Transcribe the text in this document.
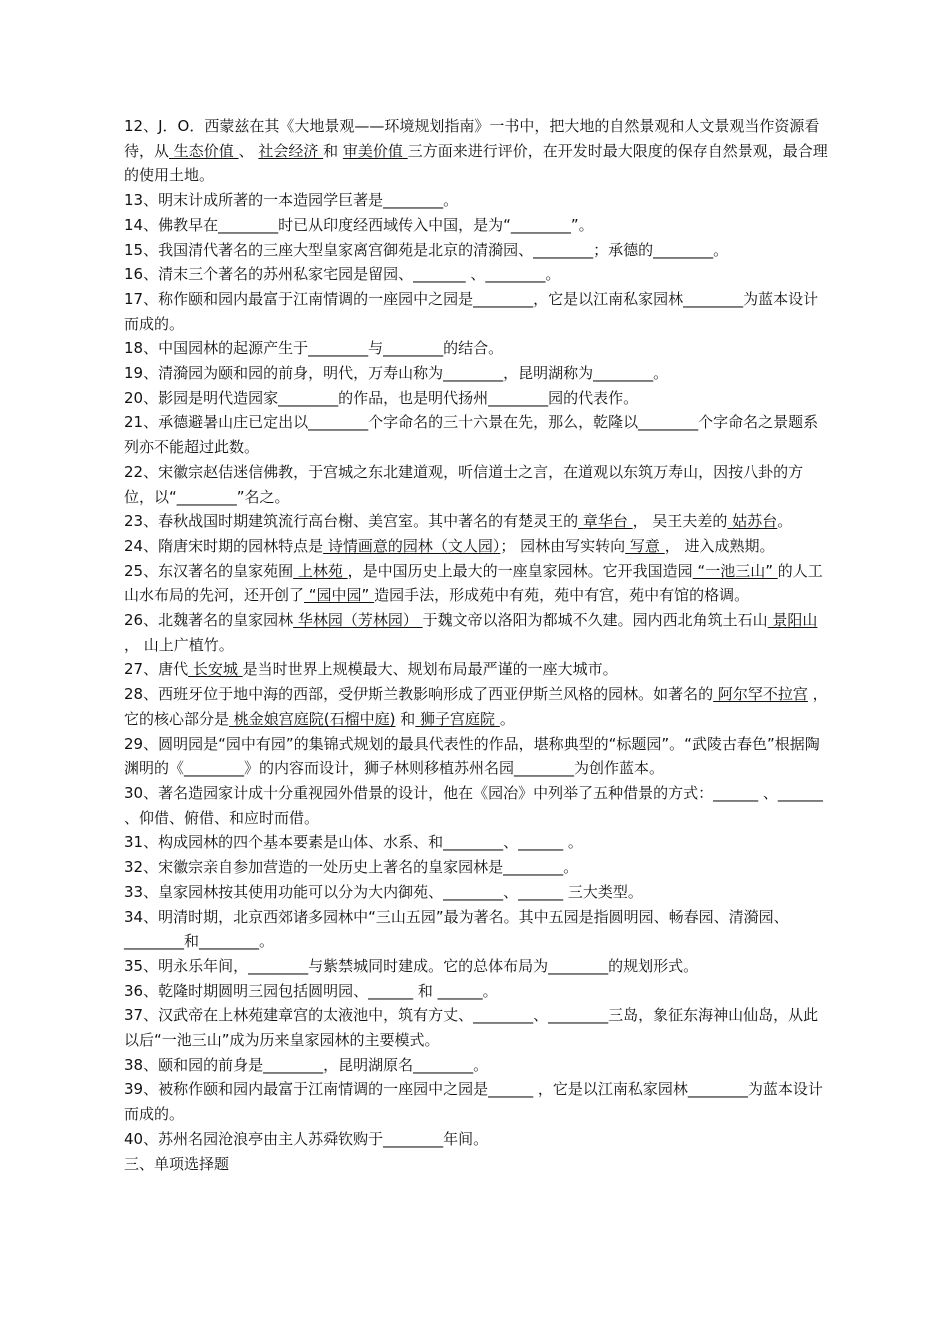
12、J．O．西蒙兹在其《大地景观——环境规划指南》一书中，把大地的自然景观和人文景观当作资源看待，从 生态价值 、 社会经济 和 审美价值 三方面来进行评价，在开发时最大限度的保存自然景观，最合理的使用土地。

13、明末计成所著的一本造园学巨著是________。

14、佛教早在________时已从印度经西域传入中国，是为“________”。

15、我国清代著名的三座大型皇家离宫御苑是北京的清漪园、________；承德的________。

16、清末三个著名的苏州私家宅园是留园、_______ 、________。

17、称作颐和园内最富于江南情调的一座园中之园是________，它是以江南私家园林________为蓝本设计而成的。

18、中国园林的起源产生于________与________的结合。

19、清漪园为颐和园的前身，明代，万寿山称为________，昆明湖称为________。

20、影园是明代造园家________的作品，也是明代扬州________园的代表作。

21、承德避暑山庄已定出以________个字命名的三十六景在先，那么，乾隆以________个字命名之景题系列亦不能超过此数。

22、宋徽宗赵佶迷信佛教，于宫城之东北建道观，听信道士之言，在道观以东筑万寿山，因按八卦的方位，以“________”名之。

23、春秋战国时期建筑流行高台榭、美宫室。其中著名的有楚灵王的 章华台 ， 吴王夫差的 姑苏台。

24、隋唐宋时期的园林特点是 诗情画意的园林（文人园）； 园林由写实转向 写意 ， 进入成熟期。

25、东汉著名的皇家苑囿 上林苑 ，是中国历史上最大的一座皇家园林。它开我国造园 “一池三山” 的人工山水布局的先河，还开创了 “园中园” 造园手法，形成苑中有苑，苑中有宫，苑中有馆的格调。

26、北魏著名的皇家园林 华林园（芳林园） 于魏文帝以洛阳为都城不久建。园内西北角筑土石山 景阳山 ， 山上广植竹。

27、唐代 长安城 是当时世界上规模最大、规划布局最严谨的一座大城市。

28、西班牙位于地中海的西部，受伊斯兰教影响形成了西亚伊斯兰风格的园林。如著名的 阿尔罕不拉宫 ，它的核心部分是 桃金娘宫庭院(石榴中庭) 和 狮子宫庭院 。

29、圆明园是“园中有园”的集锦式规划的最具代表性的作品，堪称典型的“标题园”。“武陵古春色”根据陶渊明的《________》的内容而设计，狮子林则移植苏州名园________为创作蓝本。

30、著名造园家计成十分重视园外借景的设计，他在《园冶》中列举了五种借景的方式：______ 、______ 、仰借、俯借、和应时而借。

31、构成园林的四个基本要素是山体、水系、和________、______ 。

32、宋徽宗亲自参加营造的一处历史上著名的皇家园林是________。

33、皇家园林按其使用功能可以分为大内御苑、________、______ 三大类型。

34、明清时期，北京西郊诸多园林中“三山五园”最为著名。其中五园是指圆明园、畅春园、清漪园、________和________。

35、明永乐年间，________与紫禁城同时建成。它的总体布局为________的规划形式。

36、乾隆时期圆明三园包括圆明园、______ 和 ______。

37、汉武帝在上林苑建章宫的太液池中，筑有方丈、________、________三岛，象征东海神山仙岛，从此以后“一池三山”成为历来皇家园林的主要模式。

38、颐和园的前身是________，昆明湖原名________。

39、被称作颐和园内最富于江南情调的一座园中之园是______ ，它是以江南私家园林________为蓝本设计而成的。

40、苏州名园沧浪亭由主人苏舜钦购于________年间。

三、单项选择题
